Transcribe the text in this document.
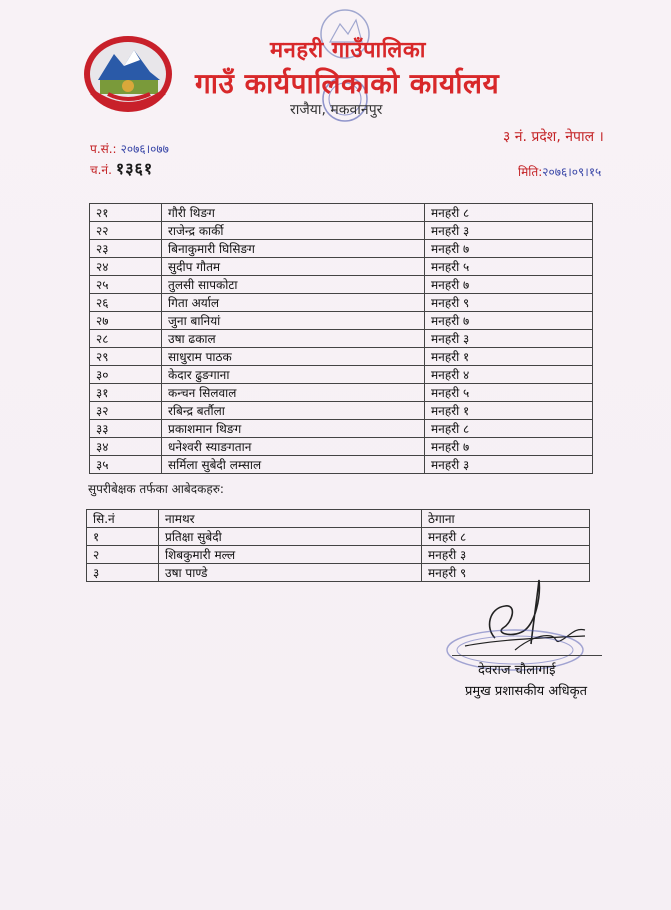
मनहरी गाउँपालिका
गाउँ कार्यपालिकाको कार्यालय
राजैया, मकवानपुर
३ नं. प्रदेश, नेपाल ।
प.सं.: २०७६।०७७
च.नं. १३६१	मिति:२०७६।०९।१५
२१	गौरी थिङग	मनहरी ८
२२	राजेन्द्र कार्की	मनहरी ३
२३	बिनाकुमारी घिसिङग	मनहरी ७
२४	सुदीप गौतम	मनहरी ५
२५	तुलसी सापकोटा	मनहरी ७
२६	गिता अर्याल	मनहरी ९
२७	जुना बानियां	मनहरी ७
२८	उषा ढकाल	मनहरी ३
२९	साधुराम पाठक	मनहरी १
३०	केदार ढुङगाना	मनहरी ४
३१	कन्चन सिलवाल	मनहरी ५
३२	रबिन्द्र बर्तौला	मनहरी १
३३	प्रकाशमान थिङग	मनहरी ८
३४	धनेश्वरी स्याङगतान	मनहरी ७
३५	सर्मिला सुबेदी लम्साल	मनहरी ३
सुपरीबेक्षक तर्फका आबेदकहरु:
सि.नं	नामथर	ठेगाना
१	प्रतिक्षा सुबेदी	मनहरी ८
२	शिबकुमारी मल्ल	मनहरी ३
३	उषा पाण्डे	मनहरी ९
देवराज चौलागाई
प्रमुख प्रशासकीय अधिकृत
